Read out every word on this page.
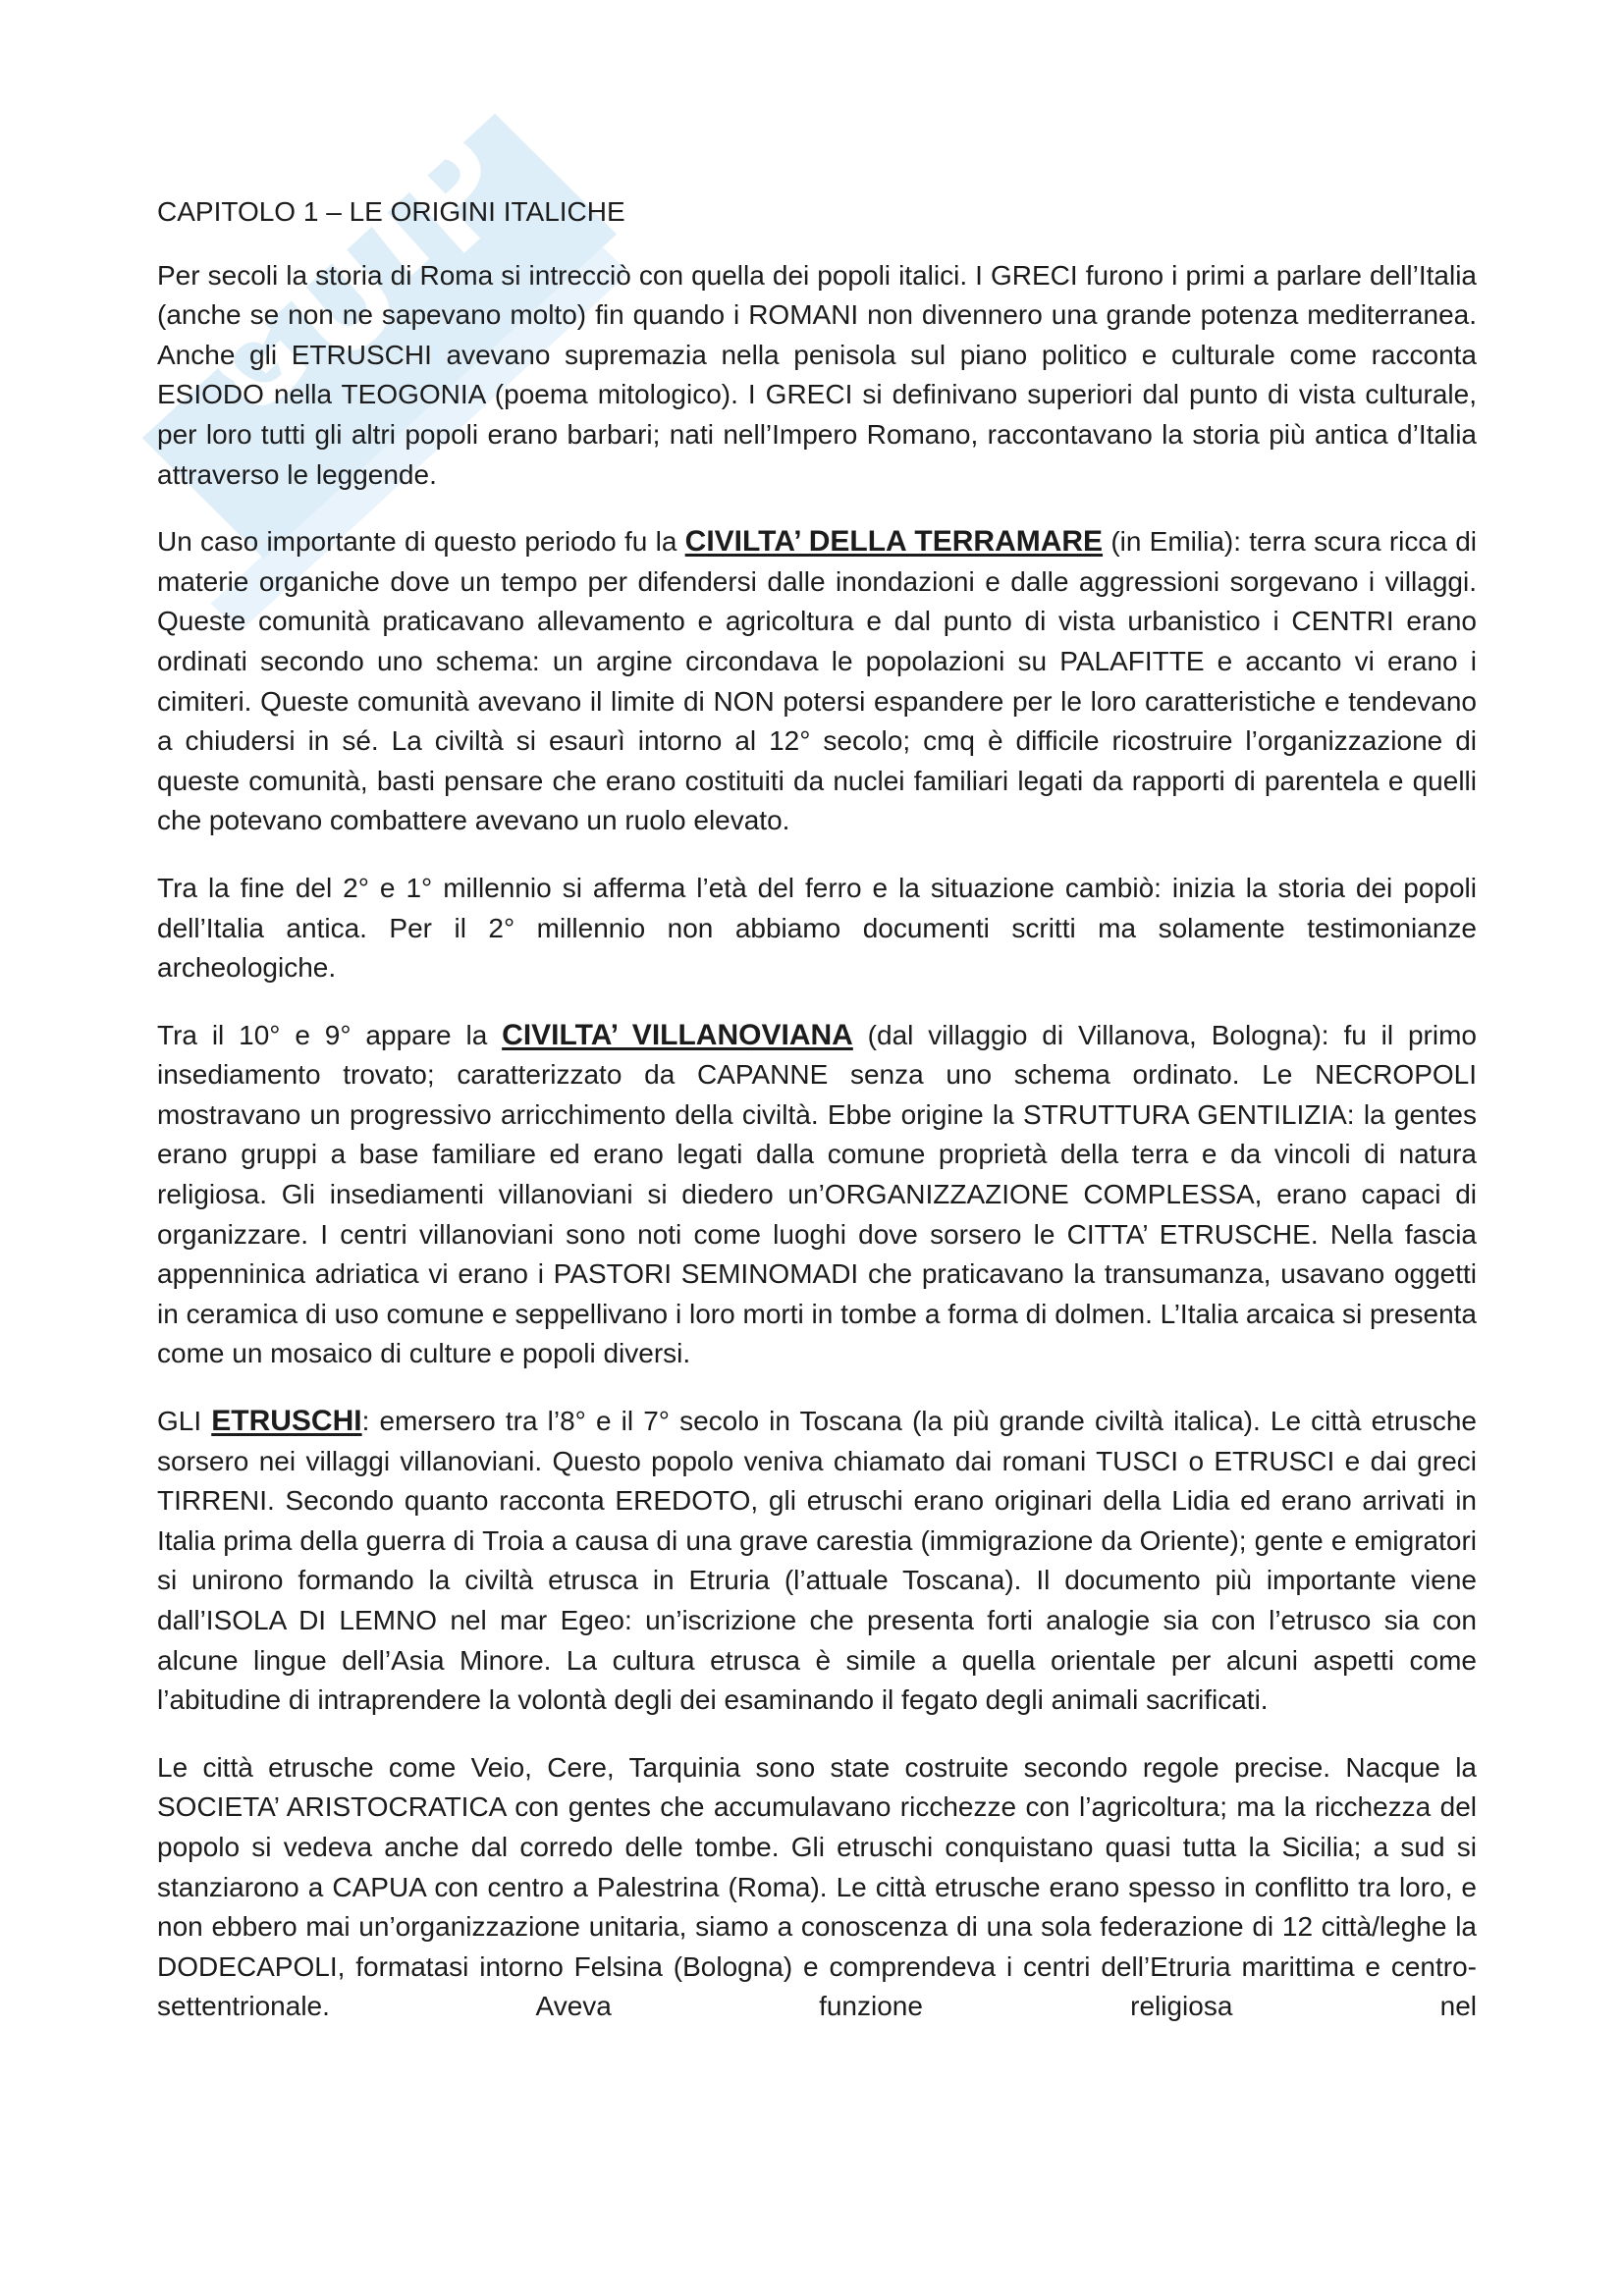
CAPITOLO 1 – LE ORIGINI ITALICHE

Per secoli la storia di Roma si intrecciò con quella dei popoli italici. I GRECI furono i primi a parlare dell’Italia (anche se non ne sapevano molto) fin quando i ROMANI non divennero una grande potenza mediterranea. Anche gli ETRUSCHI avevano supremazia nella penisola sul piano politico e culturale come racconta ESIODO nella TEOGONIA (poema mitologico). I GRECI si definivano superiori dal punto di vista culturale, per loro tutti gli altri popoli erano barbari; nati nell’Impero Romano, raccontavano la storia più antica d’Italia attraverso le leggende.

Un caso importante di questo periodo fu la CIVILTA’ DELLA TERRAMARE (in Emilia): terra scura ricca di materie organiche dove un tempo per difendersi dalle inondazioni e dalle aggressioni sorgevano i villaggi. Queste comunità praticavano allevamento e agricoltura e dal punto di vista urbanistico i CENTRI erano ordinati secondo uno schema: un argine circondava le popolazioni su PALAFITTE e accanto vi erano i cimiteri. Queste comunità avevano il limite di NON potersi espandere per le loro caratteristiche e tendevano a chiudersi in sé. La civiltà si esaurì intorno al 12° secolo; cmq è difficile ricostruire l’organizzazione di queste comunità, basti pensare che erano costituiti da nuclei familiari legati da rapporti di parentela e quelli che potevano combattere avevano un ruolo elevato.

Tra la fine del 2° e 1° millennio si afferma l’età del ferro e la situazione cambiò: inizia la storia dei popoli dell’Italia antica. Per il 2° millennio non abbiamo documenti scritti ma solamente testimonianze archeologiche.

Tra il 10° e 9° appare la CIVILTA’ VILLANOVIANA (dal villaggio di Villanova, Bologna): fu il primo insediamento trovato; caratterizzato da CAPANNE senza uno schema ordinato. Le NECROPOLI mostravano un progressivo arricchimento della civiltà. Ebbe origine la STRUTTURA GENTILIZIA: la gentes erano gruppi a base familiare ed erano legati dalla comune proprietà della terra e da vincoli di natura religiosa. Gli insediamenti villanoviani si diedero un’ORGANIZZAZIONE COMPLESSA, erano capaci di organizzare. I centri villanoviani sono noti come luoghi dove sorsero le CITTA’ ETRUSCHE. Nella fascia appenninica adriatica vi erano i PASTORI SEMINOMADI che praticavano la transumanza, usavano oggetti in ceramica di uso comune e seppellivano i loro morti in tombe a forma di dolmen. L’Italia arcaica si presenta come un mosaico di culture e popoli diversi.

GLI ETRUSCHI: emersero tra l’8° e il 7° secolo in Toscana (la più grande civiltà italica). Le città etrusche sorsero nei villaggi villanoviani. Questo popolo veniva chiamato dai romani TUSCI o ETRUSCI e dai greci TIRRENI. Secondo quanto racconta EREDOTO, gli etruschi erano originari della Lidia ed erano arrivati in Italia prima della guerra di Troia a causa di una grave carestia (immigrazione da Oriente); gente e emigratori si unirono formando la civiltà etrusca in Etruria (l’attuale Toscana). Il documento più importante viene dall’ISOLA DI LEMNO nel mar Egeo: un’iscrizione che presenta forti analogie sia con l’etrusco sia con alcune lingue dell’Asia Minore. La cultura etrusca è simile a quella orientale per alcuni aspetti come l’abitudine di intraprendere la volontà degli dei esaminando il fegato degli animali sacrificati.

Le città etrusche come Veio, Cere, Tarquinia sono state costruite secondo regole precise. Nacque la SOCIETA’ ARISTOCRATICA con gentes che accumulavano ricchezze con l’agricoltura; ma la ricchezza del popolo si vedeva anche dal corredo delle tombe. Gli etruschi conquistano quasi tutta la Sicilia; a sud si stanziarono a CAPUA con centro a Palestrina (Roma). Le città etrusche erano spesso in conflitto tra loro, e non ebbero mai un’organizzazione unitaria, siamo a conoscenza di una sola federazione di 12 città/leghe la DODECAPOLI, formatasi intorno Felsina (Bologna) e comprendeva i centri dell’Etruria marittima e centro-settentrionale. Aveva funzione religiosa nel
